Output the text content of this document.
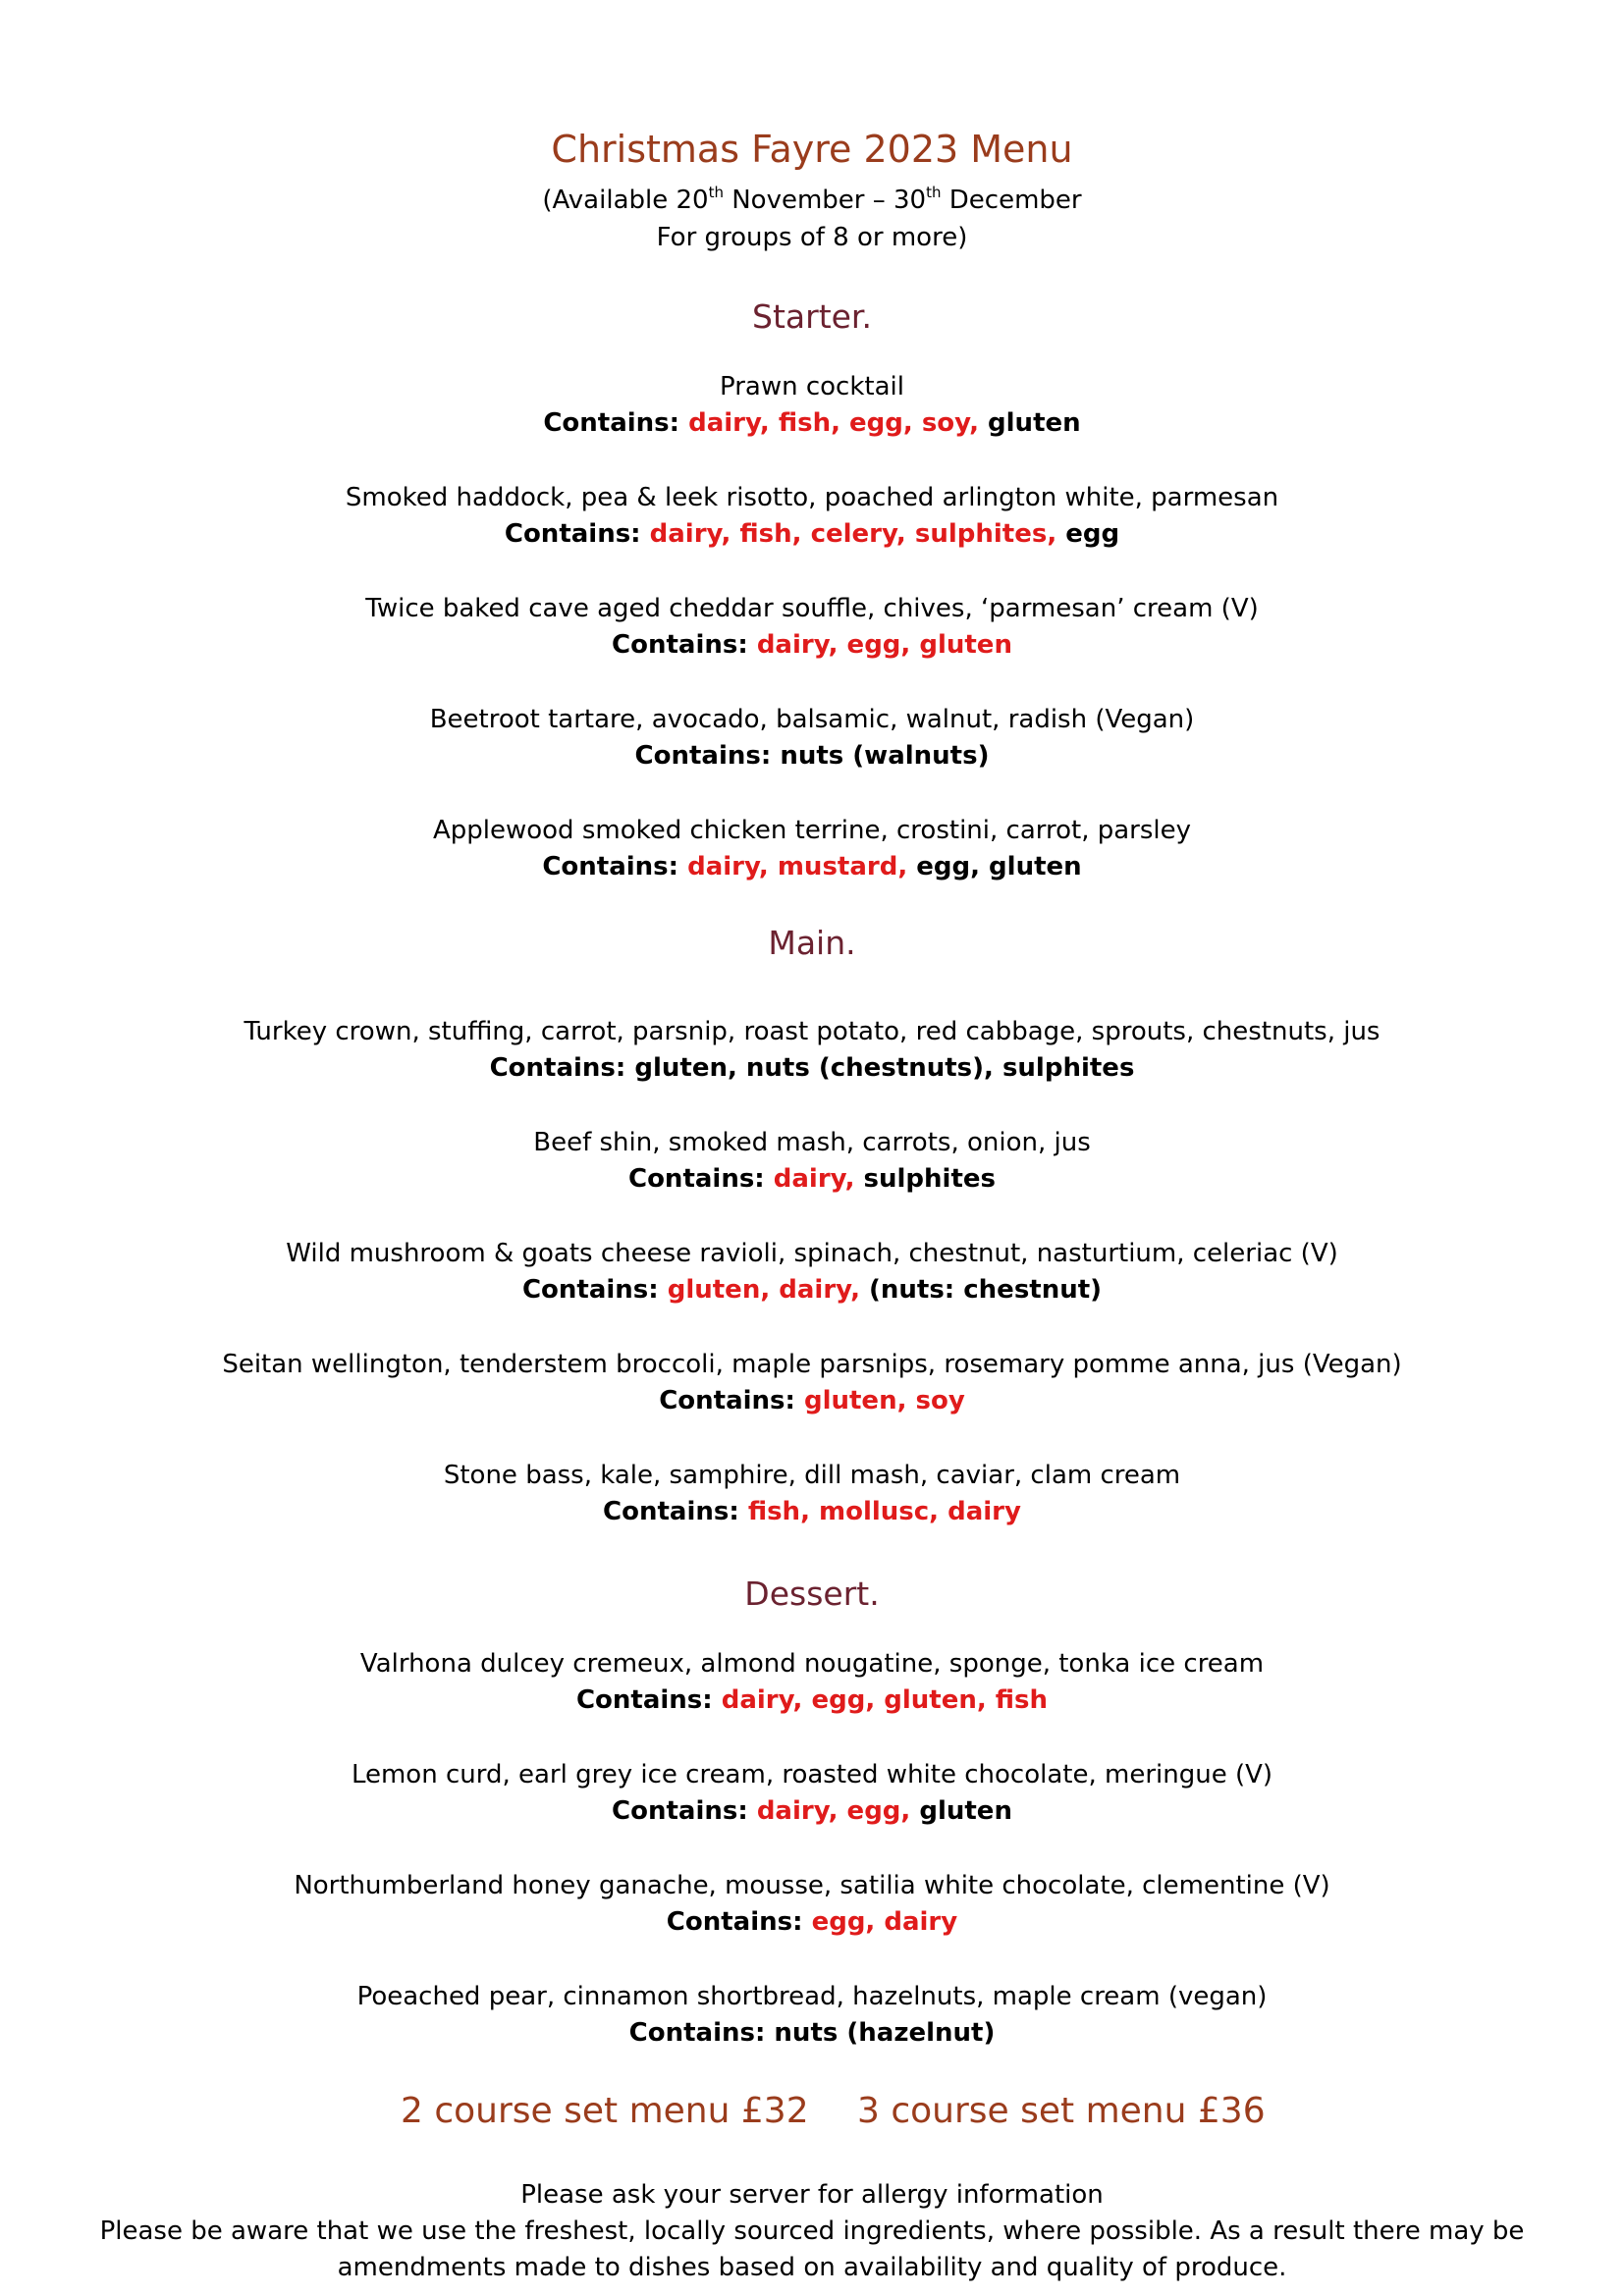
Christmas Fayre 2023 Menu
(Available 20th November – 30th December
For groups of 8 or more)
Starter.
Prawn cocktail
Contains: dairy, fish, egg, soy, gluten
Smoked haddock, pea & leek risotto, poached arlington white, parmesan
Contains: dairy, fish, celery, sulphites, egg
Twice baked cave aged cheddar souffle, chives, ‘parmesan’ cream (V)
Contains: dairy, egg, gluten
Beetroot tartare, avocado, balsamic, walnut, radish (Vegan)
Contains: nuts (walnuts)
Applewood smoked chicken terrine, crostini, carrot, parsley
Contains: dairy, mustard, egg, gluten
Main.
Turkey crown, stuffing, carrot, parsnip, roast potato, red cabbage, sprouts, chestnuts, jus
Contains: gluten, nuts (chestnuts), sulphites
Beef shin, smoked mash, carrots, onion, jus
Contains: dairy, sulphites
Wild mushroom & goats cheese ravioli, spinach, chestnut, nasturtium, celeriac (V)
Contains: gluten, dairy, (nuts: chestnut)
Seitan wellington, tenderstem broccoli, maple parsnips, rosemary pomme anna, jus (Vegan)
Contains: gluten, soy
Stone bass, kale, samphire, dill mash, caviar, clam cream
Contains: fish, mollusc, dairy
Dessert.
Valrhona dulcey cremeux, almond nougatine, sponge, tonka ice cream
Contains: dairy, egg, gluten, fish
Lemon curd, earl grey ice cream, roasted white chocolate, meringue (V)
Contains: dairy, egg, gluten
Northumberland honey ganache, mousse, satilia white chocolate, clementine (V)
Contains: egg, dairy
Poeached pear, cinnamon shortbread, hazelnuts, maple cream (vegan)
Contains: nuts (hazelnut)
2 course set menu £32 3 course set menu £36
Please ask your server for allergy information
Please be aware that we use the freshest, locally sourced ingredients, where possible. As a result there may be
amendments made to dishes based on availability and quality of produce.
